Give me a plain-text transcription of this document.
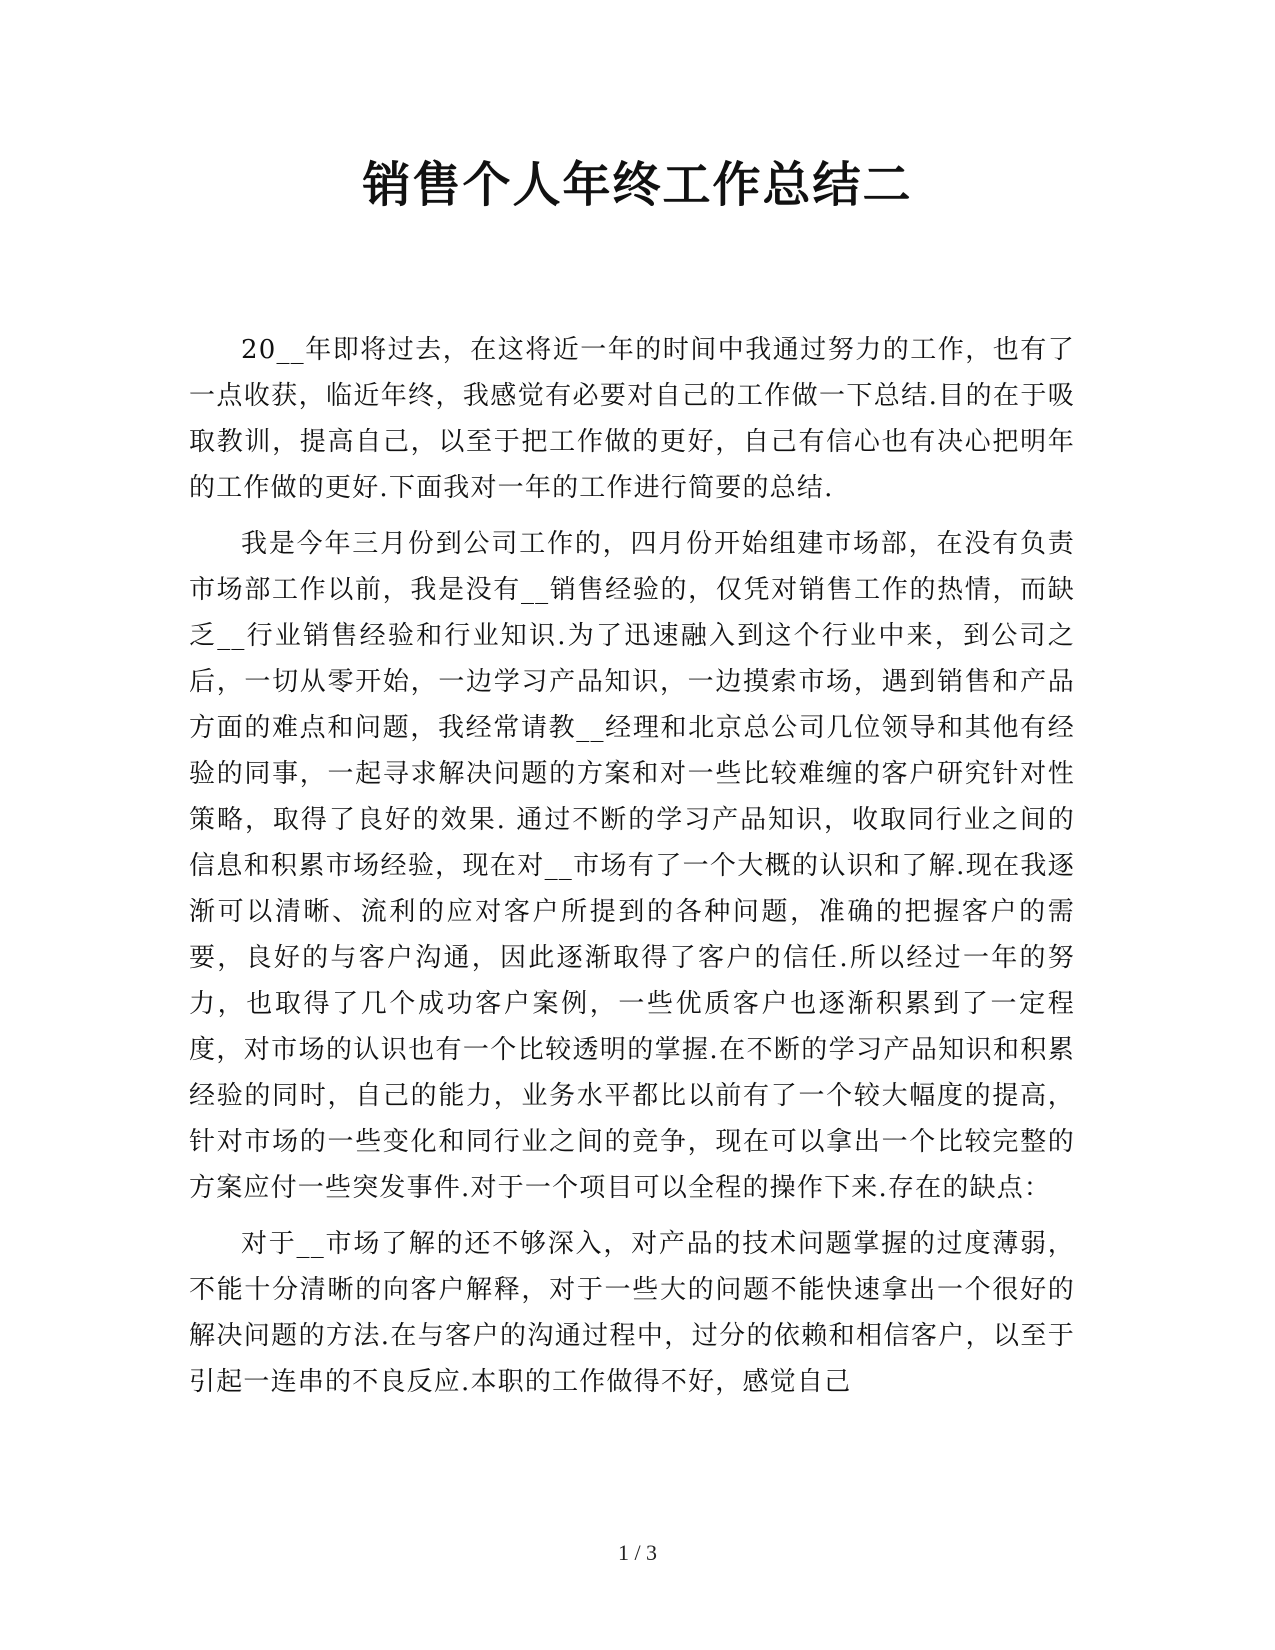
销售个人年终工作总结二

20__年即将过去，在这将近一年的时间中我通过努力的工作，也有了一点收获，临近年终，我感觉有必要对自己的工作做一下总结.目的在于吸取教训，提高自己，以至于把工作做的更好，自己有信心也有决心把明年的工作做的更好.下面我对一年的工作进行简要的总结.

我是今年三月份到公司工作的，四月份开始组建市场部，在没有负责市场部工作以前，我是没有__销售经验的，仅凭对销售工作的热情，而缺乏__行业销售经验和行业知识.为了迅速融入到这个行业中来，到公司之后，一切从零开始，一边学习产品知识，一边摸索市场，遇到销售和产品方面的难点和问题，我经常请教__经理和北京总公司几位领导和其他有经验的同事，一起寻求解决问题的方案和对一些比较难缠的客户研究针对性策略，取得了良好的效果. 通过不断的学习产品知识，收取同行业之间的信息和积累市场经验，现在对__市场有了一个大概的认识和了解.现在我逐渐可以清晰、流利的应对客户所提到的各种问题，准确的把握客户的需要，良好的与客户沟通，因此逐渐取得了客户的信任.所以经过一年的努力，也取得了几个成功客户案例，一些优质客户也逐渐积累到了一定程度，对市场的认识也有一个比较透明的掌握.在不断的学习产品知识和积累经验的同时，自己的能力，业务水平都比以前有了一个较大幅度的提高，针对市场的一些变化和同行业之间的竞争，现在可以拿出一个比较完整的方案应付一些突发事件.对于一个项目可以全程的操作下来.存在的缺点：

对于__市场了解的还不够深入，对产品的技术问题掌握的过度薄弱，不能十分清晰的向客户解释，对于一些大的问题不能快速拿出一个很好的解决问题的方法.在与客户的沟通过程中，过分的依赖和相信客户，以至于引起一连串的不良反应.本职的工作做得不好，感觉自己

1 / 3
